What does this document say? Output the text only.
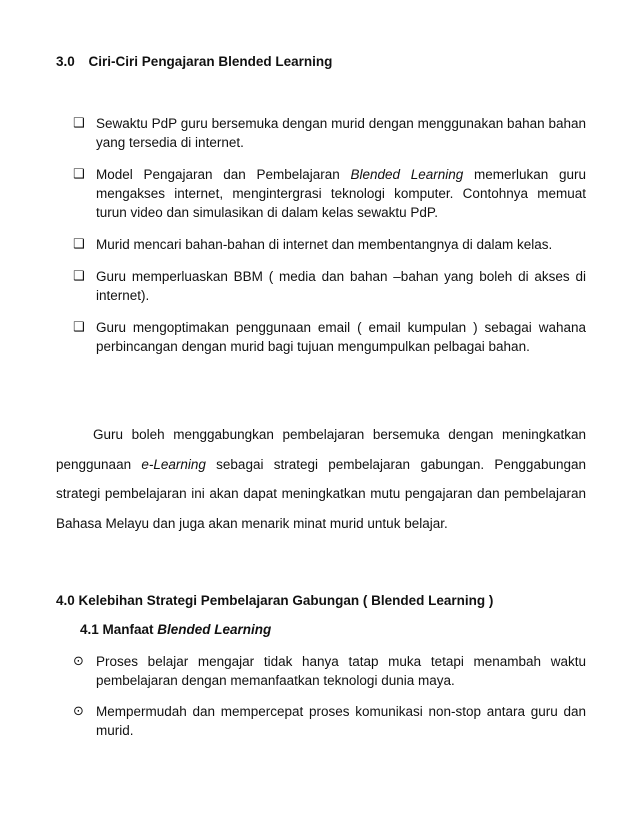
3.0 Ciri-Ciri Pengajaran Blended Learning
❑ Sewaktu PdP guru bersemuka dengan murid dengan menggunakan bahan bahan yang tersedia di internet.
❑ Model Pengajaran dan Pembelajaran Blended Learning memerlukan guru mengakses internet, mengintergrasi teknologi komputer. Contohnya memuat turun video dan simulasikan di dalam kelas sewaktu PdP.
❑ Murid mencari bahan-bahan di internet dan membentangnya di dalam kelas.
❑ Guru memperluaskan BBM ( media dan bahan –bahan yang boleh di akses di internet).
❑ Guru mengoptimakan penggunaan email ( email kumpulan ) sebagai wahana perbincangan dengan murid bagi tujuan mengumpulkan pelbagai bahan.

Guru boleh menggabungkan pembelajaran bersemuka dengan meningkatkan penggunaan e-Learning sebagai strategi pembelajaran gabungan. Penggabungan strategi pembelajaran ini akan dapat meningkatkan mutu pengajaran dan pembelajaran Bahasa Melayu dan juga akan menarik minat murid untuk belajar.

4.0 Kelebihan Strategi Pembelajaran Gabungan ( Blended Learning )
4.1 Manfaat Blended Learning
⊙ Proses belajar mengajar tidak hanya tatap muka tetapi menambah waktu pembelajaran dengan memanfaatkan teknologi dunia maya.
⊙ Mempermudah dan mempercepat proses komunikasi non-stop antara guru dan murid.
